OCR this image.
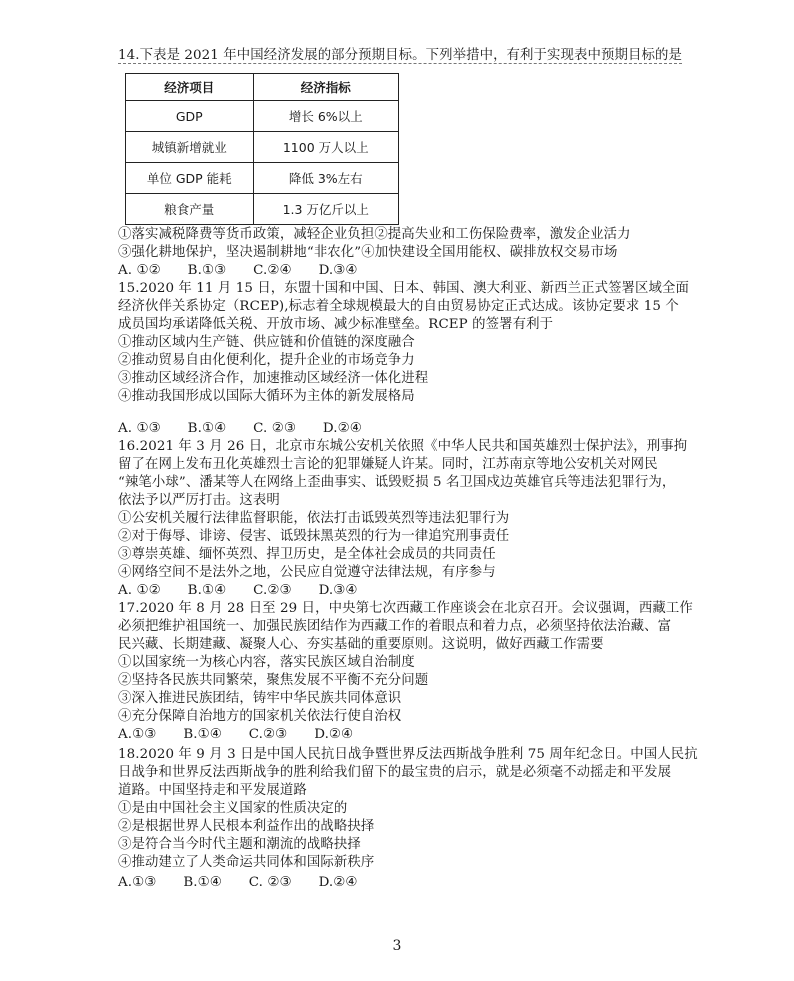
14.下表是 2021 年中国经济发展的部分预期目标。下列举措中，有利于实现表中预期目标的是
经济项目	经济指标
GDP	增长 6%以上
城镇新增就业	1100 万人以上
单位 GDP 能耗	降低 3%左右
粮食产量	1.3 万亿斤以上
①落实减税降费等货币政策，减轻企业负担②提高失业和工伤保险费率，激发企业活力
③强化耕地保护，坚决遏制耕地“非农化”④加快建设全国用能权、碳排放权交易市场
A. ①②　　B.①③　　C.②④　　D.③④
15.2020 年 11 月 15 日，东盟十国和中国、日本、韩国、澳大利亚、新西兰正式签署区域全面
经济伙伴关系协定（RCEP),标志着全球规模最大的自由贸易协定正式达成。该协定要求 15 个
成员国均承诺降低关税、开放市场、减少标准壁垒。RCEP 的签署有利于
①推动区域内生产链、供应链和价值链的深度融合
②推动贸易自由化便利化，提升企业的市场竞争力
③推动区域经济合作，加速推动区域经济一体化进程
④推动我国形成以国际大循环为主体的新发展格局
A. ①③　　B.①④　　C. ②③　　D.②④
16.2021 年 3 月 26 日，北京市东城公安机关依照《中华人民共和国英雄烈士保护法》，刑事拘
留了在网上发布丑化英雄烈士言论的犯罪嫌疑人许某。同时，江苏南京等地公安机关对网民
“辣笔小球”、潘某等人在网络上歪曲事实、诋毁贬损 5 名卫国戍边英雄官兵等违法犯罪行为，
依法予以严厉打击。这表明
①公安机关履行法律监督职能，依法打击诋毁英烈等违法犯罪行为
②对于侮辱、诽谤、侵害、诋毁抹黑英烈的行为一律追究刑事责任
③尊崇英雄、缅怀英烈、捍卫历史，是全体社会成员的共同责任
④网络空间不是法外之地，公民应自觉遵守法律法规，有序参与
A. ①②　　B.①④　　C.②③　　D.③④
17.2020 年 8 月 28 日至 29 日，中央第七次西藏工作座谈会在北京召开。会议强调，西藏工作
必须把维护祖国统一、加强民族团结作为西藏工作的着眼点和着力点，必须坚持依法治藏、富
民兴藏、长期建藏、凝聚人心、夯实基础的重要原则。这说明，做好西藏工作需要
①以国家统一为核心内容，落实民族区域自治制度
②坚持各民族共同繁荣，聚焦发展不平衡不充分问题
③深入推进民族团结，铸牢中华民族共同体意识
④充分保障自治地方的国家机关依法行使自治权
A.①③　　B.①④　　C.②③　　D.②④
18.2020 年 9 月 3 日是中国人民抗日战争暨世界反法西斯战争胜利 75 周年纪念日。中国人民抗
日战争和世界反法西斯战争的胜利给我们留下的最宝贵的启示，就是必须毫不动摇走和平发展
道路。中国坚持走和平发展道路
①是由中国社会主义国家的性质决定的
②是根据世界人民根本利益作出的战略抉择
③是符合当今时代主题和潮流的战略抉择
④推动建立了人类命运共同体和国际新秩序
A.①③　　B.①④　　C. ②③　　D.②④
3
